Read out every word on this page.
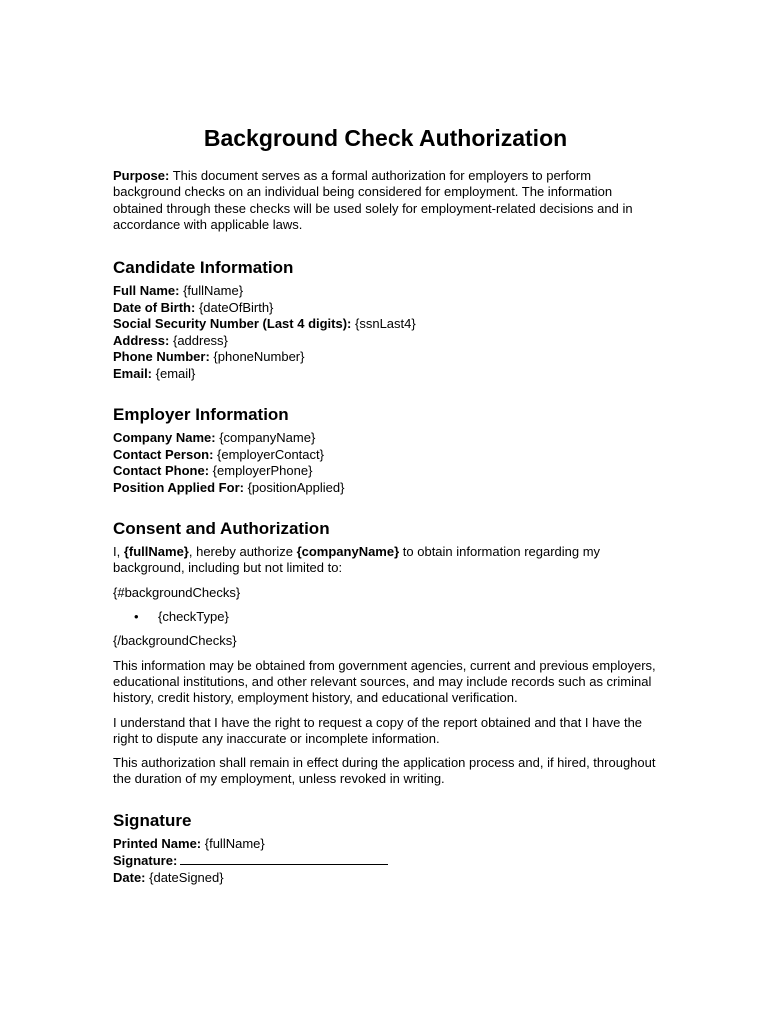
Background Check Authorization

Purpose: This document serves as a formal authorization for employers to perform background checks on an individual being considered for employment. The information obtained through these checks will be used solely for employment-related decisions and in accordance with applicable laws.

Candidate Information
Full Name: {fullName}
Date of Birth: {dateOfBirth}
Social Security Number (Last 4 digits): {ssnLast4}
Address: {address}
Phone Number: {phoneNumber}
Email: {email}
Employer Information
Company Name: {companyName}
Contact Person: {employerContact}
Contact Phone: {employerPhone}
Position Applied For: {positionApplied}
Consent and Authorization

I, {fullName}, hereby authorize {companyName} to obtain information regarding my background, including but not limited to:

{#backgroundChecks}

• {checkType}

{/backgroundChecks}

This information may be obtained from government agencies, current and previous employers, educational institutions, and other relevant sources, and may include records such as criminal history, credit history, employment history, and educational verification.

I understand that I have the right to request a copy of the report obtained and that I have the right to dispute any inaccurate or incomplete information.

This authorization shall remain in effect during the application process and, if hired, throughout the duration of my employment, unless revoked in writing.

Signature
Printed Name: {fullName}
Signature:
Date: {dateSigned}
